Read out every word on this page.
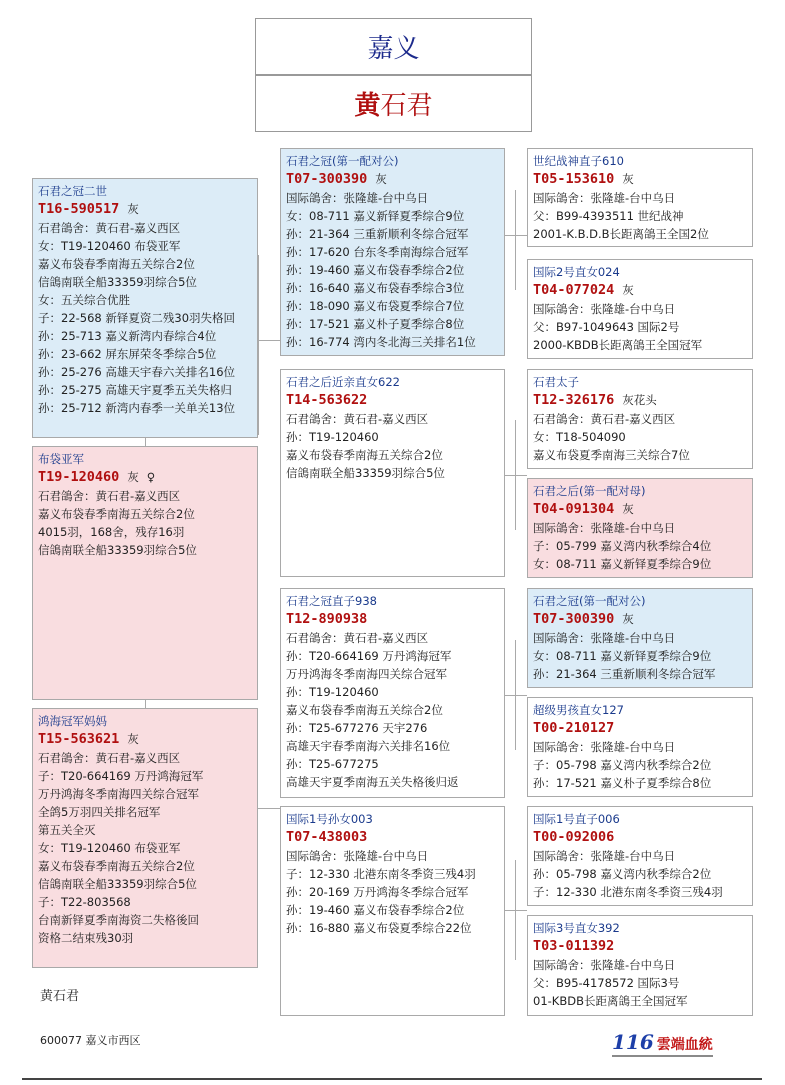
嘉义
黄 石君
石君之冠二世
T16-590517 灰
石君鴿舍：黄石君-嘉义西区
女：T19-120460 布袋亚军
嘉义布袋春季南海五关综合2位
信鴿南联全船33359羽综合5位
女：五关综合优胜
子：22-568 新铎夏资二残30羽失格回
孙：25-713 嘉义新湾内春综合4位
孙：23-662 屏东屏荣冬季综合5位
孙：25-276 高雄天宇春六关排名16位
孙：25-275 高雄天宇夏季五关失格归
孙：25-712 新湾内春季一关单关13位
布袋亚军
T19-120460 灰 ♀
石君鴿舍：黄石君-嘉义西区
嘉义布袋春季南海五关综合2位
4015羽，168舍，残存16羽
信鴿南联全船33359羽综合5位
鸿海冠军妈妈
T15-563621 灰
石君鴿舍：黄石君-嘉义西区
子：T20-664169 万丹鸿海冠军
万丹鸿海冬季南海四关综合冠军
全鸽5万羽四关排名冠军
第五关全灭
女：T19-120460 布袋亚军
嘉义布袋春季南海五关综合2位
信鴿南联全船33359羽综合5位
子：T22-803568
台南新铎夏季南海资二失格後回
资格二结束残30羽
石君之冠(第一配对公)
T07-300390 灰
国际鴿舍：张隆雄-台中乌日
女：08-711 嘉义新铎夏季综合9位
孙：21-364 三重新顺利冬综合冠军
孙：17-620 台东冬季南海综合冠军
孙：19-460 嘉义布袋春季综合2位
孙：16-640 嘉义布袋春季综合3位
孙：18-090 嘉义布袋夏季综合7位
孙：17-521 嘉义朴子夏季综合8位
孙：16-774 湾内冬北海三关排名1位
石君之后近亲直女622
T14-563622
石君鴿舍：黄石君-嘉义西区
孙：T19-120460
嘉义布袋春季南海五关综合2位
信鴿南联全船33359羽综合5位
石君之冠直子938
T12-890938
石君鴿舍：黄石君-嘉义西区
孙：T20-664169 万丹鸿海冠军
万丹鸿海冬季南海四关综合冠军
孙：T19-120460
嘉义布袋春季南海五关综合2位
孙：T25-677276 天宇276
高雄天宇春季南海六关排名16位
孙：T25-677275
高雄天宇夏季南海五关失格後归返
国际1号孙女003
T07-438003
国际鴿舍：张隆雄-台中乌日
子：12-330 北港东南冬季资三残4羽
孙：20-169 万丹鸿海冬季综合冠军
孙：19-460 嘉义布袋春季综合2位
孙：16-880 嘉义布袋夏季综合22位
世纪战神直子610
T05-153610 灰
国际鴿舍：张隆雄-台中乌日
父：B99-4393511 世纪战神
2001-K.B.D.B长距离鴿王全国2位
国际2号直女024
T04-077024 灰
国际鴿舍：张隆雄-台中乌日
父：B97-1049643 国际2号
2000-KBDB长距离鴿王全国冠军
石君太子
T12-326176 灰花头
石君鴿舍：黄石君-嘉义西区
女：T18-504090
嘉义布袋夏季南海三关综合7位
石君之后(第一配对母)
T04-091304 灰
国际鴿舍：张隆雄-台中乌日
子：05-799 嘉义湾内秋季综合4位
女：08-711 嘉义新铎夏季综合9位
石君之冠(第一配对公)
T07-300390 灰
国际鴿舍：张隆雄-台中乌日
女：08-711 嘉义新铎夏季综合9位
孙：21-364 三重新顺利冬综合冠军
超级男孩直女127
T00-210127
国际鴿舍：张隆雄-台中乌日
子：05-798 嘉义湾内秋季综合2位
孙：17-521 嘉义朴子夏季综合8位
国际1号直子006
T00-092006
国际鴿舍：张隆雄-台中乌日
孙：05-798 嘉义湾内秋季综合2位
子：12-330 北港东南冬季资三残4羽
国际3号直女392
T03-011392
国际鴿舍：张隆雄-台中乌日
父：B95-4178572 国际3号
01-KBDB长距离鴿王全国冠军
黄石君
600077 嘉义市西区	116 雲端血統
